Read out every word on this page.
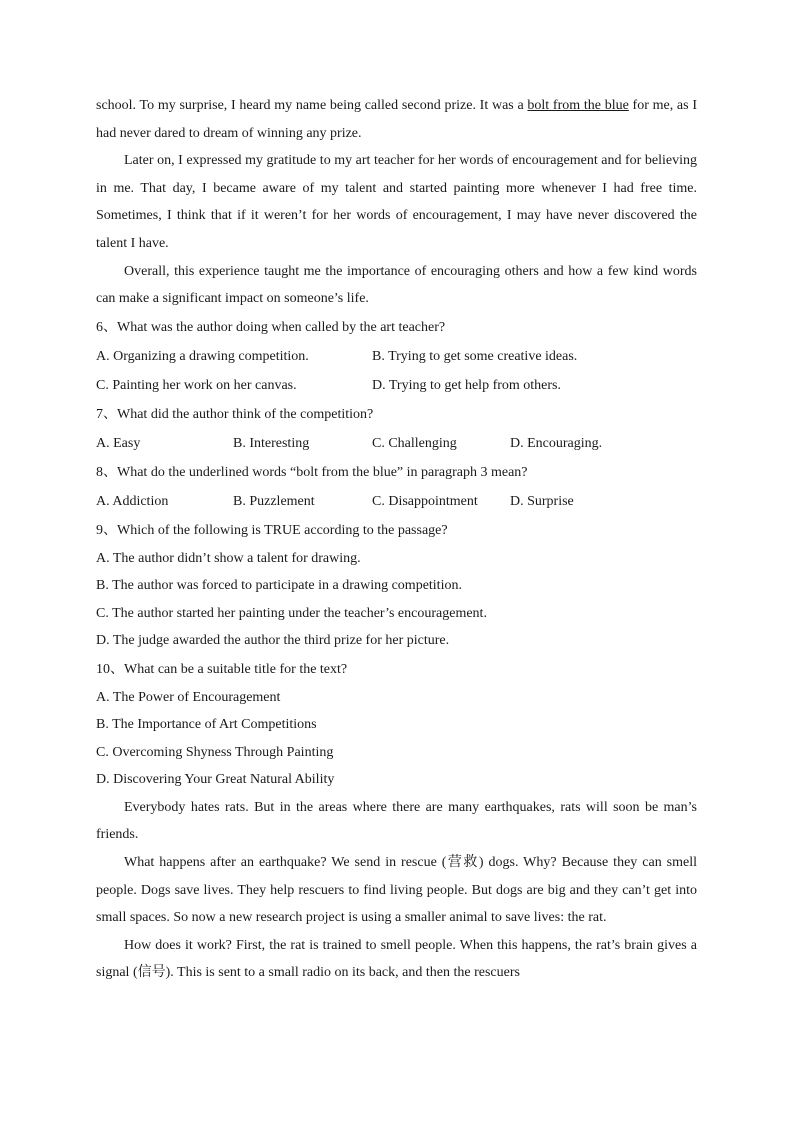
school. To my surprise, I heard my name being called second prize. It was a bolt from the blue for me, as I had never dared to dream of winning any prize.

Later on, I expressed my gratitude to my art teacher for her words of encouragement and for believing in me. That day, I became aware of my talent and started painting more whenever I had free time. Sometimes, I think that if it weren’t for her words of encouragement, I may have never discovered the talent I have.

Overall, this experience taught me the importance of encouraging others and how a few kind words can make a significant impact on someone’s life.

6、What was the author doing when called by the art teacher?

A. Organizing a drawing competition.	B. Trying to get some creative ideas.
C. Painting her work on her canvas.	D. Trying to get help from others.

7、What did the author think of the competition?

A. Easy	B. Interesting	C. Challenging	D. Encouraging.

8、What do the underlined words “bolt from the blue” in paragraph 3 mean?

A. Addiction	B. Puzzlement	C. Disappointment	D. Surprise

9、Which of the following is TRUE according to the passage?

A. The author didn’t show a talent for drawing.

B. The author was forced to participate in a drawing competition.

C. The author started her painting under the teacher’s encouragement.

D. The judge awarded the author the third prize for her picture.

10、What can be a suitable title for the text?

A. The Power of Encouragement

B. The Importance of Art Competitions

C. Overcoming Shyness Through Painting

D. Discovering Your Great Natural Ability

Everybody hates rats. But in the areas where there are many earthquakes, rats will soon be man’s friends.

What happens after an earthquake? We send in rescue (营救) dogs. Why? Because they can smell people. Dogs save lives. They help rescuers to find living people. But dogs are big and they can’t get into small spaces. So now a new research project is using a smaller animal to save lives: the rat.

How does it work? First, the rat is trained to smell people. When this happens, the rat’s brain gives a signal (信号). This is sent to a small radio on its back, and then the rescuers
